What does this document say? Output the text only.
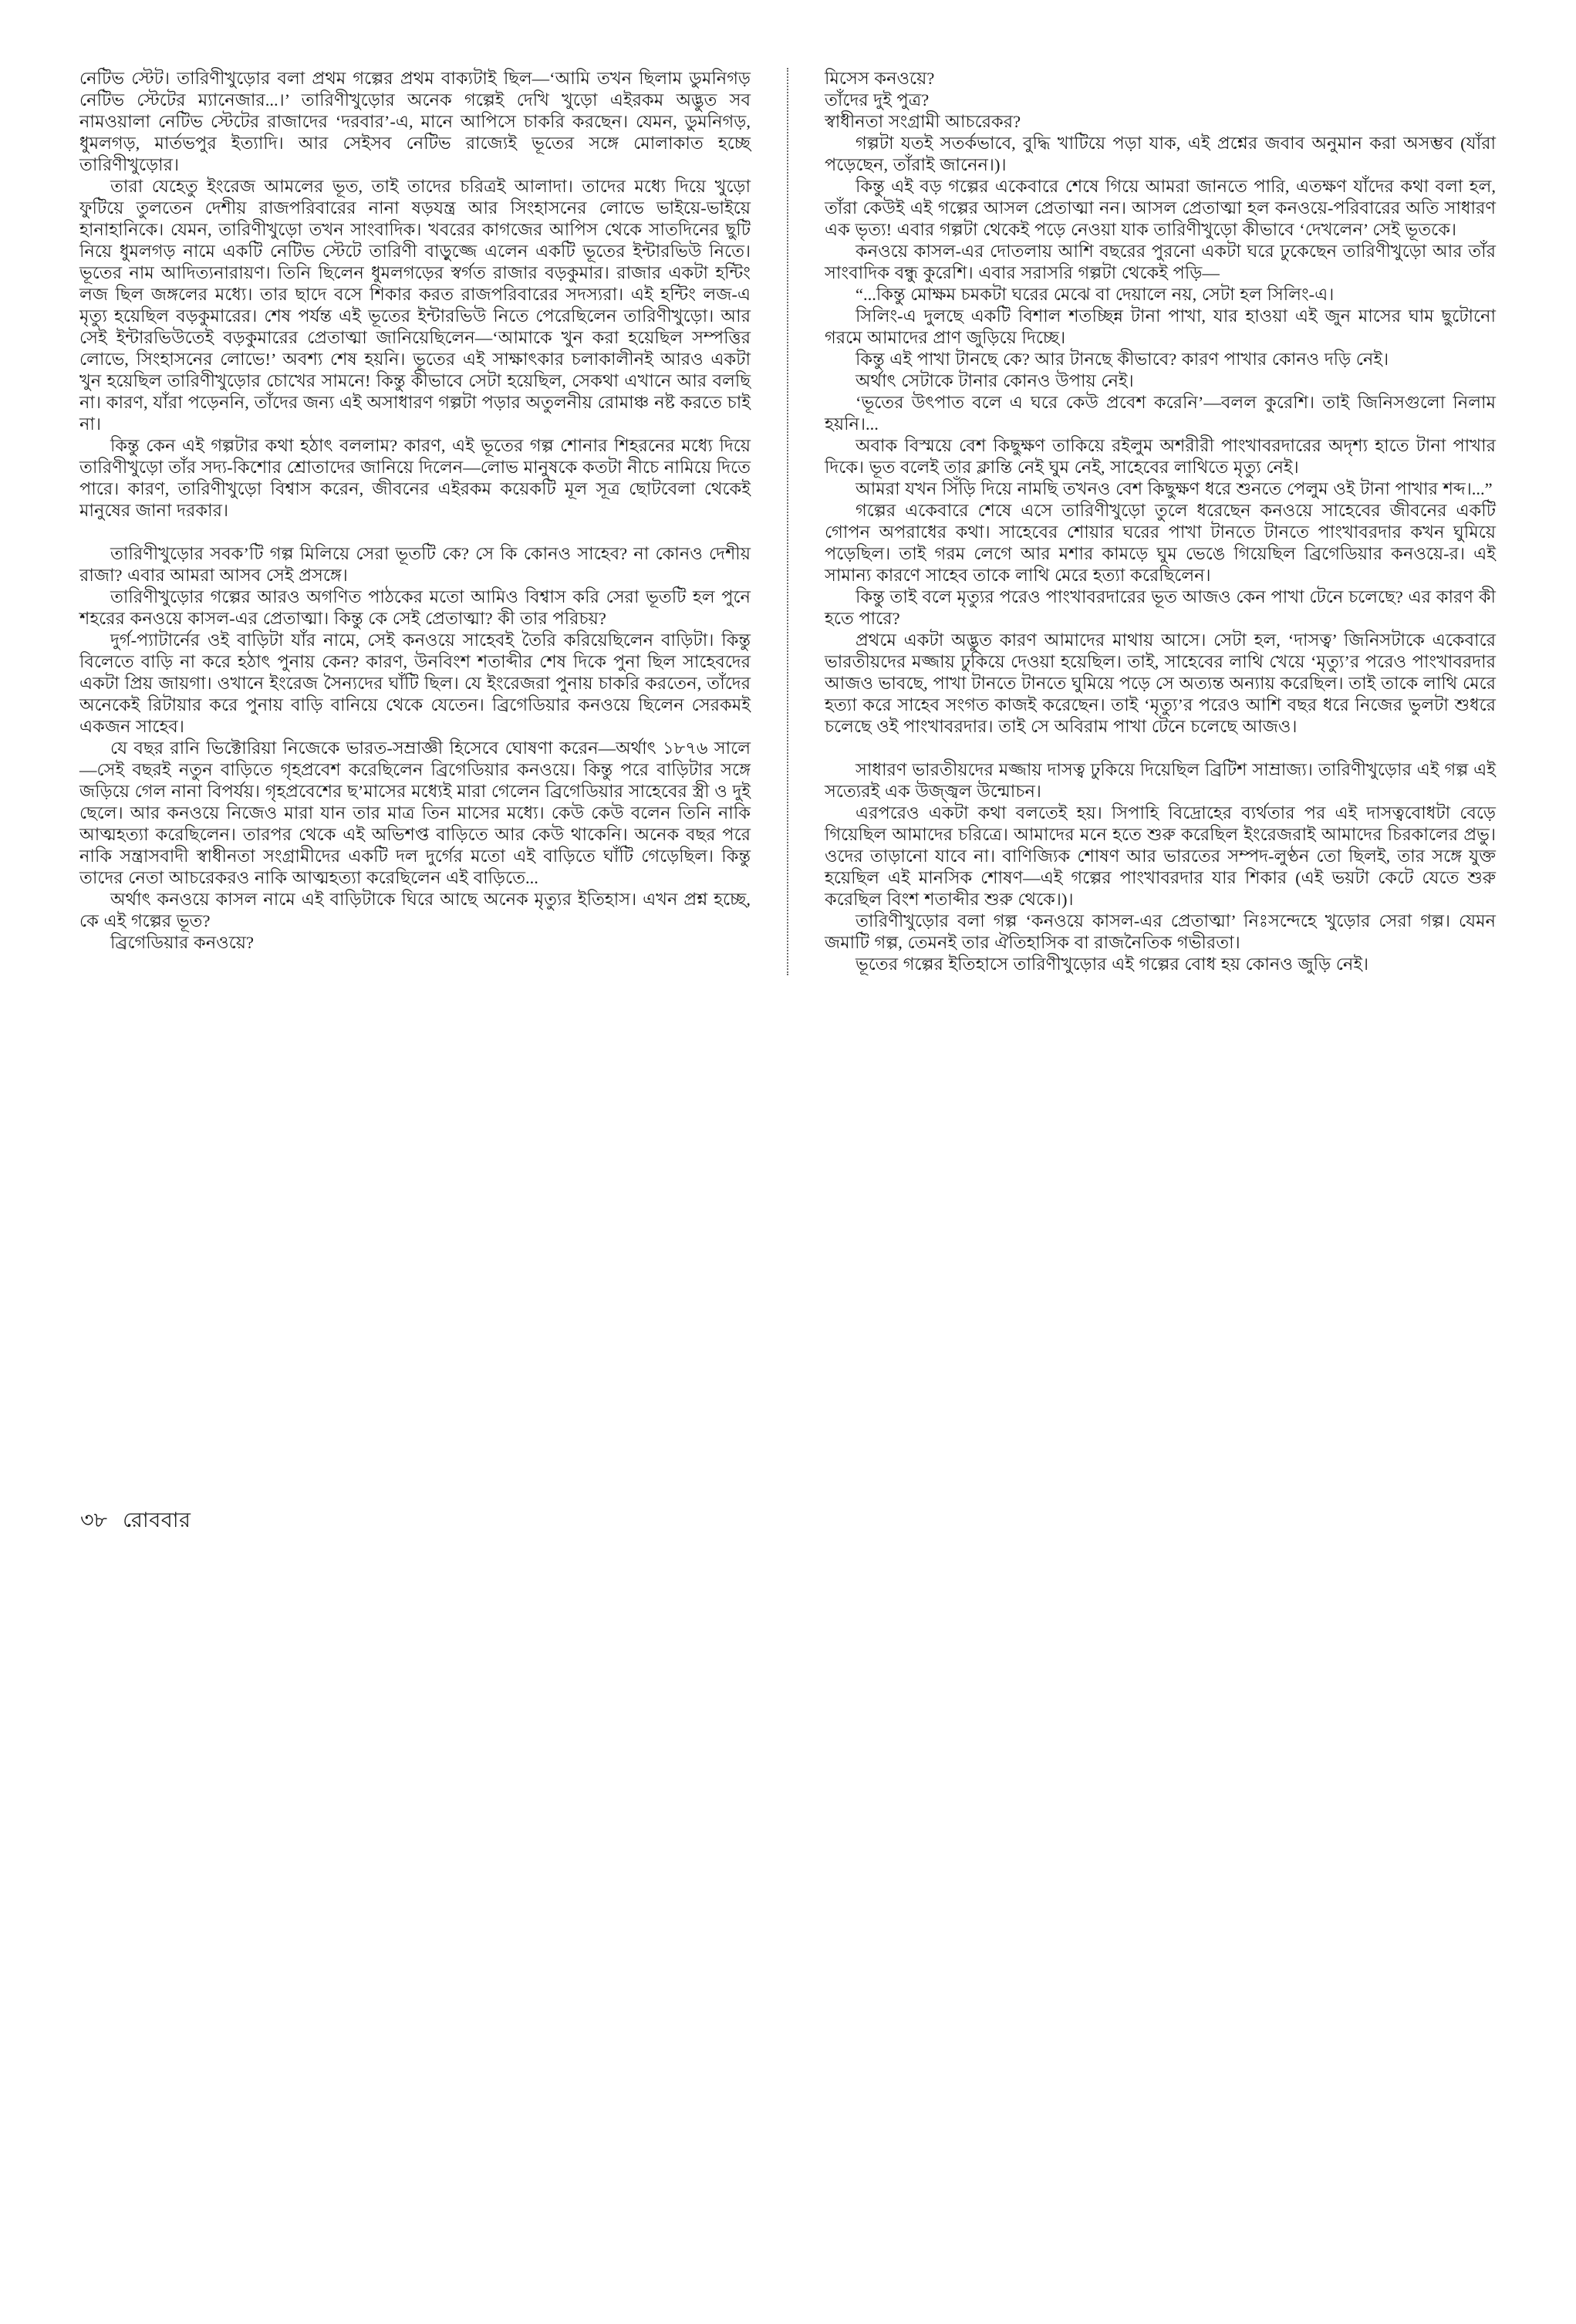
নেটিভ স্টেট। তারিণীখুড়োর বলা প্রথম গল্পের প্রথম বাক্যটাই ছিল—‘আমি তখন ছিলাম ডুমনিগড় নেটিভ স্টেটের ম্যানেজার...।’ তারিণীখুড়োর অনেক গল্পেই দেখি খুড়ো এইরকম অদ্ভুত সব নামওয়ালা নেটিভ স্টেটের রাজাদের ‘দরবার’-এ, মানে আপিসে চাকরি করছেন। যেমন, ডুমনিগড়, ধুমলগড়, মার্তভপুর ইত্যাদি। আর সেইসব নেটিভ রাজ্যেই ভূতের সঙ্গে মোলাকাত হচ্ছে তারিণীখুড়োর।

তারা যেহেতু ইংরেজ আমলের ভূত, তাই তাদের চরিত্রই আলাদা। তাদের মধ্যে দিয়ে খুড়ো ফুটিয়ে তুলতেন দেশীয় রাজপরিবারের নানা ষড়যন্ত্র আর সিংহাসনের লোভে ভাইয়ে-ভাইয়ে হানাহানিকে। যেমন, তারিণীখুড়ো তখন সাংবাদিক। খবরের কাগজের আপিস থেকে সাতদিনের ছুটি নিয়ে ধুমলগড় নামে একটি নেটিভ স্টেটে তারিণী বাড়ুজ্জে এলেন একটি ভূতের ইন্টারভিউ নিতে। ভূতের নাম আদিত্যনারায়ণ। তিনি ছিলেন ধুমলগড়ের স্বর্গত রাজার বড়কুমার। রাজার একটা হন্টিং লজ ছিল জঙ্গলের মধ্যে। তার ছাদে বসে শিকার করত রাজপরিবারের সদস্যরা। এই হন্টিং লজ-এ মৃত্যু হয়েছিল বড়কুমারের। শেষ পর্যন্ত এই ভূতের ইন্টারভিউ নিতে পেরেছিলেন তারিণীখুড়ো। আর সেই ইন্টারভিউতেই বড়কুমারের প্রেতাত্মা জানিয়েছিলেন—‘আমাকে খুন করা হয়েছিল সম্পত্তির লোভে, সিংহাসনের লোভে!’ অবশ্য শেষ হয়নি। ভূতের এই সাক্ষাৎকার চলাকালীনই আরও একটা খুন হয়েছিল তারিণীখুড়োর চোখের সামনে! কিন্তু কীভাবে সেটা হয়েছিল, সেকথা এখানে আর বলছি না। কারণ, যাঁরা পড়েননি, তাঁদের জন্য এই অসাধারণ গল্পটা পড়ার অতুলনীয় রোমাঞ্চ নষ্ট করতে চাই না।

কিন্তু কেন এই গল্পটার কথা হঠাৎ বললাম? কারণ, এই ভূতের গল্প শোনার শিহরনের মধ্যে দিয়ে তারিণীখুড়ো তাঁর সদ্য-কিশোর শ্রোতাদের জানিয়ে দিলেন—লোভ মানুষকে কতটা নীচে নামিয়ে দিতে পারে। কারণ, তারিণীখুড়ো বিশ্বাস করেন, জীবনের এইরকম কয়েকটি মূল সূত্র ছোটবেলা থেকেই মানুষের জানা দরকার।

তারিণীখুড়োর সবক’টি গল্প মিলিয়ে সেরা ভূতটি কে? সে কি কোনও সাহেব? না কোনও দেশীয় রাজা? এবার আমরা আসব সেই প্রসঙ্গে।

তারিণীখুড়োর গল্পের আরও অগণিত পাঠকের মতো আমিও বিশ্বাস করি সেরা ভূতটি হল পুনে শহরের কনওয়ে কাসল-এর প্রেতাত্মা। কিন্তু কে সেই প্রেতাত্মা? কী তার পরিচয়?

দুর্গ-প্যাটার্নের ওই বাড়িটা যাঁর নামে, সেই কনওয়ে সাহেবই তৈরি করিয়েছিলেন বাড়িটা। কিন্তু বিলেতে বাড়ি না করে হঠাৎ পুনায় কেন? কারণ, উনবিংশ শতাব্দীর শেষ দিকে পুনা ছিল সাহেবদের একটা প্রিয় জায়গা। ওখানে ইংরেজ সৈন্যদের ঘাঁটি ছিল। যে ইংরেজরা পুনায় চাকরি করতেন, তাঁদের অনেকেই রিটায়ার করে পুনায় বাড়ি বানিয়ে থেকে যেতেন। ব্রিগেডিয়ার কনওয়ে ছিলেন সেরকমই একজন সাহেব।

যে বছর রানি ভিক্টোরিয়া নিজেকে ভারত-সম্রাজ্ঞী হিসেবে ঘোষণা করেন—অর্থাৎ ১৮৭৬ সালে—সেই বছরই নতুন বাড়িতে গৃহপ্রবেশ করেছিলেন ব্রিগেডিয়ার কনওয়ে। কিন্তু পরে বাড়িটার সঙ্গে জড়িয়ে গেল নানা বিপর্যয়। গৃহপ্রবেশের ছ’মাসের মধ্যেই মারা গেলেন ব্রিগেডিয়ার সাহেবের স্ত্রী ও দুই ছেলে। আর কনওয়ে নিজেও মারা যান তার মাত্র তিন মাসের মধ্যে। কেউ কেউ বলেন তিনি নাকি আত্মহত্যা করেছিলেন। তারপর থেকে এই অভিশপ্ত বাড়িতে আর কেউ থাকেনি। অনেক বছর পরে নাকি সন্ত্রাসবাদী স্বাধীনতা সংগ্রামীদের একটি দল দুর্গের মতো এই বাড়িতে ঘাঁটি গেড়েছিল। কিন্তু তাদের নেতা আচরেকরও নাকি আত্মহত্যা করেছিলেন এই বাড়িতে...

অর্থাৎ কনওয়ে কাসল নামে এই বাড়িটাকে ঘিরে আছে অনেক মৃত্যুর ইতিহাস। এখন প্রশ্ন হচ্ছে, কে এই গল্পের ভূত?

ব্রিগেডিয়ার কনওয়ে?

মিসেস কনওয়ে?

তাঁদের দুই পুত্র?

স্বাধীনতা সংগ্রামী আচরেকর?

গল্পটা যতই সতর্কভাবে, বুদ্ধি খাটিয়ে পড়া যাক, এই প্রশ্নের জবাব অনুমান করা অসম্ভব (যাঁরা পড়েছেন, তাঁরাই জানেন।)।

কিন্তু এই বড় গল্পের একেবারে শেষে গিয়ে আমরা জানতে পারি, এতক্ষণ যাঁদের কথা বলা হল, তাঁরা কেউই এই গল্পের আসল প্রেতাত্মা নন। আসল প্রেতাত্মা হল কনওয়ে-পরিবারের অতি সাধারণ এক ভৃত্য! এবার গল্পটা থেকেই পড়ে নেওয়া যাক তারিণীখুড়ো কীভাবে ‘দেখলেন’ সেই ভূতকে।

কনওয়ে কাসল-এর দোতলায় আশি বছরের পুরনো একটা ঘরে ঢুকেছেন তারিণীখুড়ো আর তাঁর সাংবাদিক বন্ধু কুরেশি। এবার সরাসরি গল্পটা থেকেই পড়ি—

“...কিন্তু মোক্ষম চমকটা ঘরের মেঝে বা দেয়ালে নয়, সেটা হল সিলিং-এ।

সিলিং-এ দুলছে একটি বিশাল শতচ্ছিন্ন টানা পাখা, যার হাওয়া এই জুন মাসের ঘাম ছুটোনো গরমে আমাদের প্রাণ জুড়িয়ে দিচ্ছে।

কিন্তু এই পাখা টানছে কে? আর টানছে কীভাবে? কারণ পাখার কোনও দড়ি নেই।

অর্থাৎ সেটাকে টানার কোনও উপায় নেই।

‘ভূতের উৎপাত বলে এ ঘরে কেউ প্রবেশ করেনি’—বলল কুরেশি। তাই জিনিসগুলো নিলাম হয়নি।...

অবাক বিস্ময়ে বেশ কিছুক্ষণ তাকিয়ে রইলুম অশরীরী পাংখাবরদারের অদৃশ্য হাতে টানা পাখার দিকে। ভূত বলেই তার ক্লান্তি নেই ঘুম নেই, সাহেবের লাথিতে মৃত্যু নেই।

আমরা যখন সিঁড়ি দিয়ে নামছি তখনও বেশ কিছুক্ষণ ধরে শুনতে পেলুম ওই টানা পাখার শব্দ।...”

গল্পের একেবারে শেষে এসে তারিণীখুড়ো তুলে ধরেছেন কনওয়ে সাহেবের জীবনের একটি গোপন অপরাধের কথা। সাহেবের শোয়ার ঘরের পাখা টানতে টানতে পাংখাবরদার কখন ঘুমিয়ে পড়েছিল। তাই গরম লেগে আর মশার কামড়ে ঘুম ভেঙে গিয়েছিল ব্রিগেডিয়ার কনওয়ে-র। এই সামান্য কারণে সাহেব তাকে লাথি মেরে হত্যা করেছিলেন।

কিন্তু তাই বলে মৃত্যুর পরেও পাংখাবরদারের ভূত আজও কেন পাখা টেনে চলেছে? এর কারণ কী হতে পারে?

প্রথমে একটা অদ্ভুত কারণ আমাদের মাথায় আসে। সেটা হল, ‘দাসত্ব’ জিনিসটাকে একেবারে ভারতীয়দের মজ্জায় ঢুকিয়ে দেওয়া হয়েছিল। তাই, সাহেবের লাথি খেয়ে ‘মৃত্যু’র পরেও পাংখাবরদার আজও ভাবছে, পাখা টানতে টানতে ঘুমিয়ে পড়ে সে অত্যন্ত অন্যায় করেছিল। তাই তাকে লাথি মেরে হত্যা করে সাহেব সংগত কাজই করেছেন। তাই ‘মৃত্যু’র পরেও আশি বছর ধরে নিজের ভুলটা শুধরে চলেছে ওই পাংখাবরদার। তাই সে অবিরাম পাখা টেনে চলেছে আজও।

সাধারণ ভারতীয়দের মজ্জায় দাসত্ব ঢুকিয়ে দিয়েছিল ব্রিটিশ সাম্রাজ্য। তারিণীখুড়োর এই গল্প এই সত্যেরই এক উজ্জ্বল উন্মোচন।

এরপরেও একটা কথা বলতেই হয়। সিপাহি বিদ্রোহের ব্যর্থতার পর এই দাসত্ববোধটা বেড়ে গিয়েছিল আমাদের চরিত্রে। আমাদের মনে হতে শুরু করেছিল ইংরেজরাই আমাদের চিরকালের প্রভু। ওদের তাড়ানো যাবে না। বাণিজ্যিক শোষণ আর ভারতের সম্পদ-লুণ্ঠন তো ছিলই, তার সঙ্গে যুক্ত হয়েছিল এই মানসিক শোষণ—এই গল্পের পাংখাবরদার যার শিকার (এই ভয়টা কেটে যেতে শুরু করেছিল বিংশ শতাব্দীর শুরু থেকে।)।

তারিণীখুড়োর বলা গল্প ‘কনওয়ে কাসল-এর প্রেতাত্মা’ নিঃসন্দেহে খুড়োর সেরা গল্প। যেমন জমাটি গল্প, তেমনই তার ঐতিহাসিক বা রাজনৈতিক গভীরতা।

ভূতের গল্পের ইতিহাসে তারিণীখুড়োর এই গল্পের বোধ হয় কোনও জুড়ি নেই।

৩৮ রোববার
